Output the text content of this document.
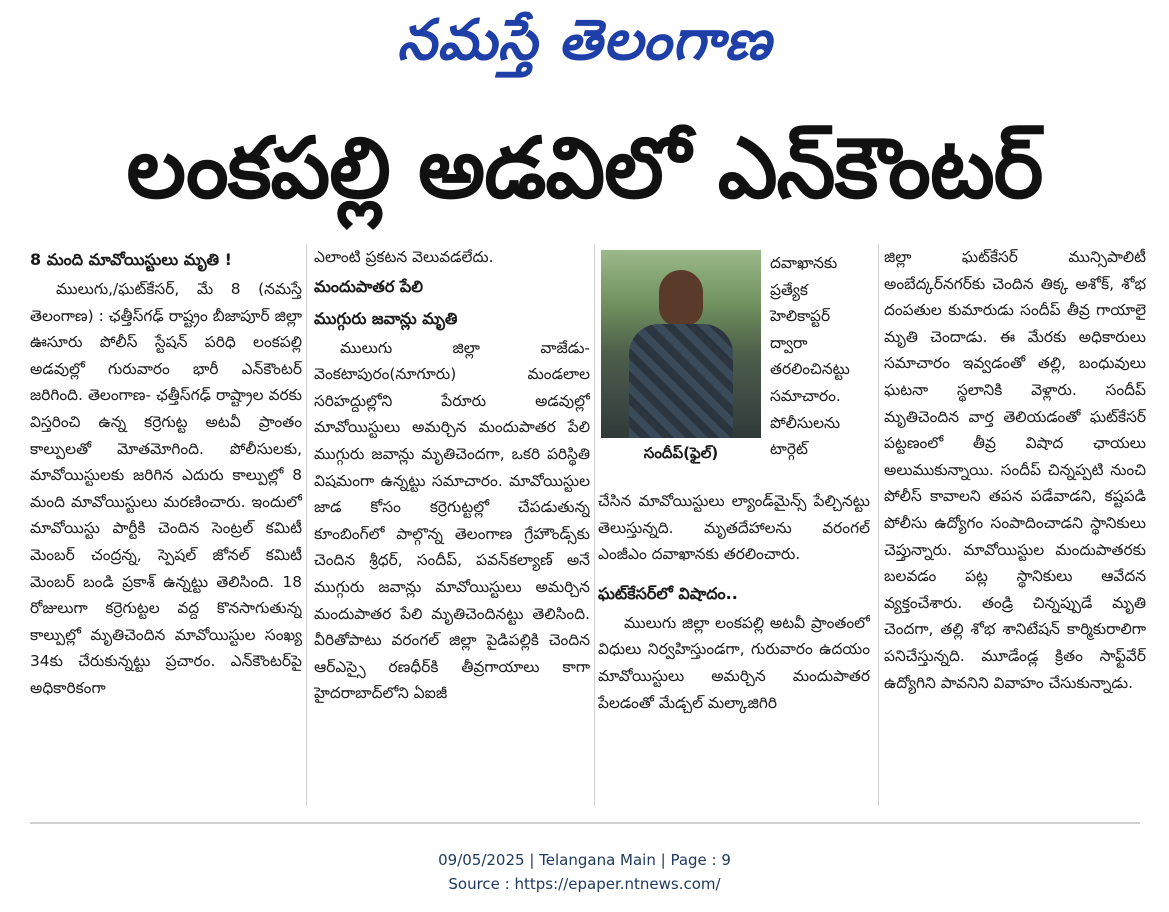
నమస్తే తెలంగాణ
లంకపల్లి అడవిలో ఎన్‌కౌంటర్

8 మంది మావోయిస్టులు మృతి !

ములుగు,/ఘట్‌కేసర్, మే 8 (నమస్తే తెలంగాణ) : ఛత్తీస్‌గఢ్ రాష్ట్రం బీజాపూర్ జిల్లా ఊసూరు పోలీస్ స్టేషన్ పరిధి లంకపల్లి అడవుల్లో గురువారం భారీ ఎన్‌కౌంటర్ జరిగింది. తెలంగాణ- ఛత్తీస్‌గఢ్ రాష్ట్రాల వరకు విస్తరించి ఉన్న కర్రెగుట్ట అటవీ ప్రాంతం కాల్పులతో మోతమోగింది. పోలీసులకు, మావోయిస్టులకు జరిగిన ఎదురు కాల్పుల్లో 8 మంది మావోయిస్టులు మరణించారు. ఇందులో మావోయిస్టు పార్టీకి చెందిన సెంట్రల్ కమిటీ మెంబర్ చంద్రన్న, స్పెషల్ జోనల్ కమిటీ మెంబర్ బండి ప్రకాశ్ ఉన్నట్టు తెలిసింది. 18 రోజులుగా కర్రెగుట్టల వద్ద కొనసాగుతున్న కాల్పుల్లో మృతిచెందిన మావోయిస్టుల సంఖ్య 34కు చేరుకున్నట్టు ప్రచారం. ఎన్‌కౌంటర్‌పై అధికారికంగా

ఎలాంటి ప్రకటన వెలువడలేదు.

మందుపాతర పేలి

ముగ్గురు జవాన్లు మృతి

ములుగు జిల్లా వాజేడు-వెంకటాపురం(నూగూరు) మండలాల సరిహద్దుల్లోని పేరూరు అడవుల్లో మావోయిస్టులు అమర్చిన మందుపాతర పేలి ముగ్గురు జవాన్లు మృతిచెందగా, ఒకరి పరిస్థితి విషమంగా ఉన్నట్టు సమాచారం. మావోయిస్టుల జాడ కోసం కర్రెగుట్టల్లో చేపడుతున్న కూంబింగ్‌లో పాల్గొన్న తెలంగాణ గ్రేహౌండ్స్‌కు చెందిన శ్రీధర్, సందీప్, పవన్‌కల్యాణ్ అనే ముగ్గురు జవాన్లు మావోయిస్టులు అమర్చిన మందుపాతర పేలి మృతిచెందినట్టు తెలిసింది. వీరితోపాటు వరంగల్ జిల్లా పైడిపల్లికి చెందిన ఆర్ఎస్సై రణధీర్‌కి తీవ్రగాయాలు కాగా హైదరాబాద్‌లోని ఏఐజీ

సందీప్(ఫైల్)

దవాఖానకు ప్రత్యేక హెలికాప్టర్ ద్వారా తరలించినట్టు సమాచారం. పోలీసులను టార్గెట్

చేసిన మావోయిస్టులు ల్యాండ్‌మైన్స్ పేల్చినట్టు తెలుస్తున్నది. మృతదేహాలను వరంగల్ ఎంజీఎం దవాఖానకు తరలించారు.

ఘట్‌కేసర్‌లో విషాదం..

ములుగు జిల్లా లంకపల్లి అటవీ ప్రాంతంలో విధులు నిర్వహిస్తుండగా, గురువారం ఉదయం మావోయిస్టులు అమర్చిన మందుపాతర పేలడంతో మేడ్చల్ మల్కాజిగిరి

జిల్లా ఘట్‌కేసర్ మున్సిపాలిటీ అంబేద్కర్‌నగర్‌కు చెందిన తిక్క అశోక్, శోభ దంపతుల కుమారుడు సందీప్ తీవ్ర గాయాలై మృతి చెందాడు. ఈ మేరకు అధికారులు సమాచారం ఇవ్వడంతో తల్లి, బంధువులు ఘటనా స్థలానికి వెళ్లారు. సందీప్ మృతిచెందిన వార్త తెలియడంతో ఘట్‌కేసర్ పట్టణంలో తీవ్ర విషాద ఛాయలు అలుముకున్నాయి. సందీప్ చిన్నప్పటి నుంచి పోలీస్ కావాలని తపన పడేవాడని, కష్టపడి పోలీసు ఉద్యోగం సంపాదించాడని స్థానికులు చెప్తున్నారు. మావోయిస్టుల మందుపాతరకు బలవడం పట్ల స్థానికులు ఆవేదన వ్యక్తంచేశారు. తండ్రి చిన్నప్పుడే మృతి చెందగా, తల్లి శోభ శానిటేషన్ కార్మికురాలిగా పనిచేస్తున్నది. మూడేండ్ల క్రితం సాఫ్ట్‌వేర్ ఉద్యోగిని పావనిని వివాహం చేసుకున్నాడు.

09/05/2025 | Telangana Main | Page : 9
Source : https://epaper.ntnews.com/
